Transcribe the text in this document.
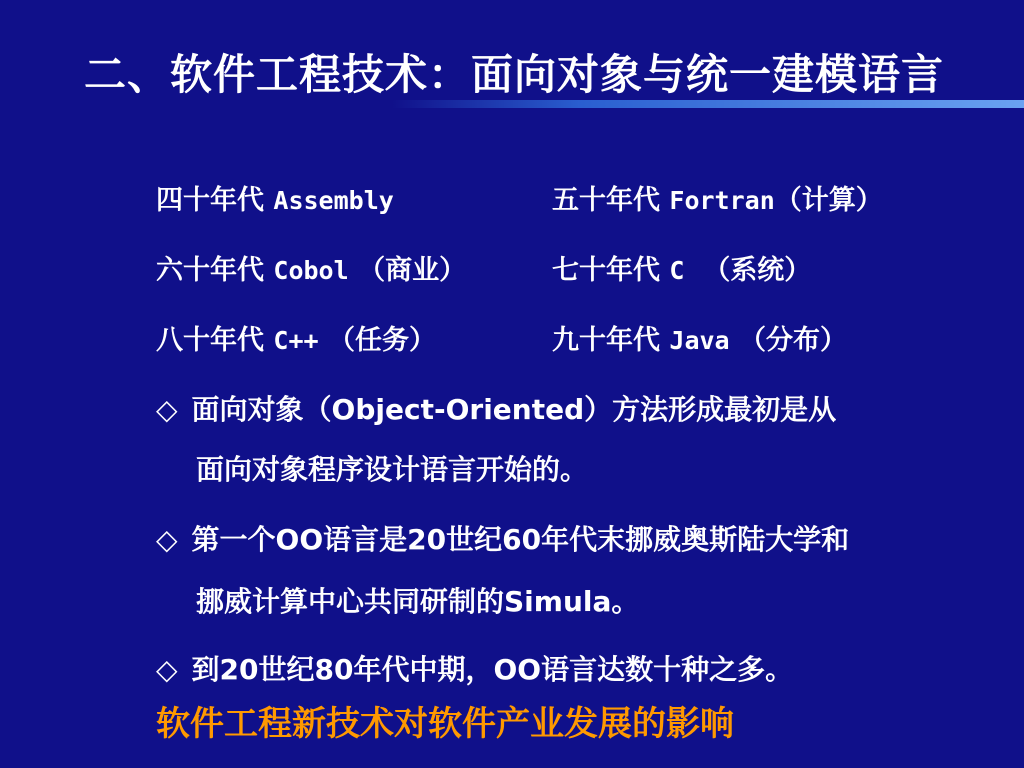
二、软件工程技术：面向对象与统一建模语言
四十年代 Assembly	五十年代 Fortran（计算）
六十年代 Cobol （商业）	七十年代 C （系统）
八十年代 C++ （任务）	九十年代 Java （分布）
◇ 面向对象（Object-Oriented）方法形成最初是从
面向对象程序设计语言开始的。
◇ 第一个OO语言是20世纪60年代末挪威奥斯陆大学和
挪威计算中心共同研制的Simula。
◇ 到20世纪80年代中期，OO语言达数十种之多。
软件工程新技术对软件产业发展的影响
